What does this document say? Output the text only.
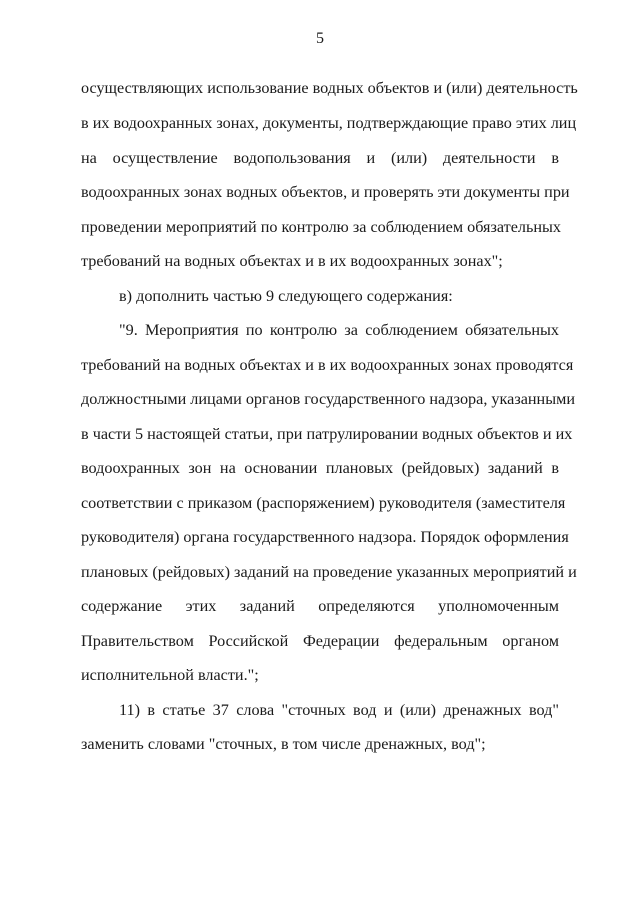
5
осуществляющих использование водных объектов и (или) деятельность
в их водоохранных зонах, документы, подтверждающие право этих лиц
на осуществление водопользования и (или) деятельности в
водоохранных зонах водных объектов, и проверять эти документы при
проведении мероприятий по контролю за соблюдением обязательных
требований на водных объектах и в их водоохранных зонах";
в) дополнить частью 9 следующего содержания:
"9. Мероприятия по контролю за соблюдением обязательных
требований на водных объектах и в их водоохранных зонах проводятся
должностными лицами органов государственного надзора, указанными
в части 5 настоящей статьи, при патрулировании водных объектов и их
водоохранных зон на основании плановых (рейдовых) заданий в
соответствии с приказом (распоряжением) руководителя (заместителя
руководителя) органа государственного надзора. Порядок оформления
плановых (рейдовых) заданий на проведение указанных мероприятий и
содержание этих заданий определяются уполномоченным
Правительством Российской Федерации федеральным органом
исполнительной власти.";
11) в статье 37 слова "сточных вод и (или) дренажных вод"
заменить словами "сточных, в том числе дренажных, вод";
